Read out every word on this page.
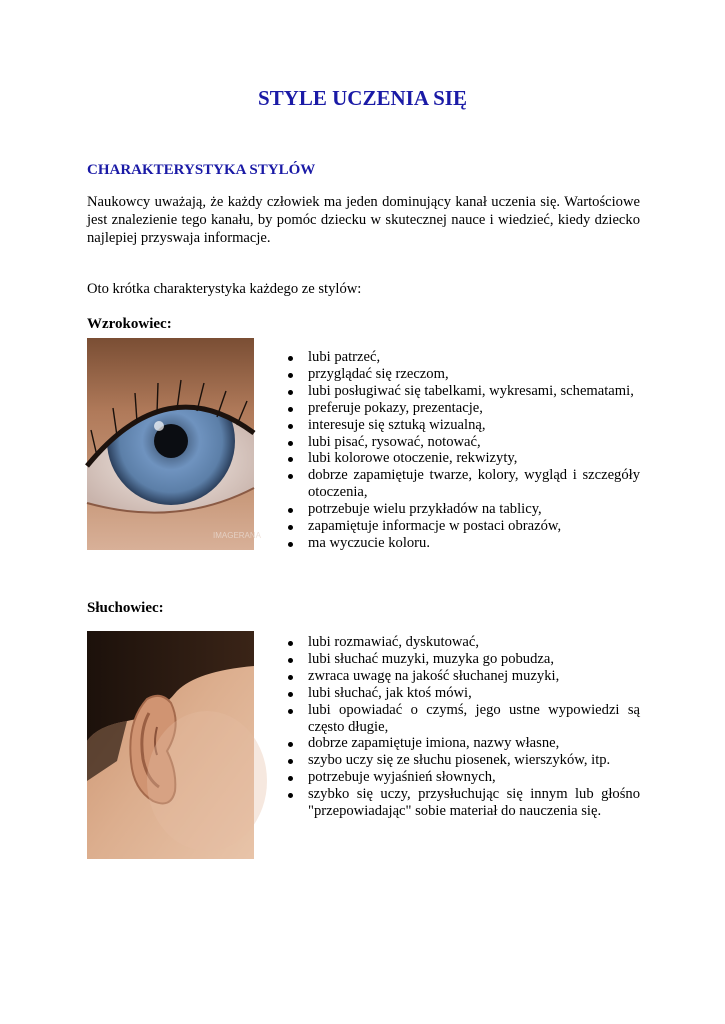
STYLE UCZENIA SIĘ
CHARAKTERYSTYKA STYLÓW

Naukowcy uważają, że każdy człowiek ma jeden dominujący kanał uczenia się. Wartościowe jest znalezienie tego kanału, by pomóc dziecku w skutecznej nauce i wiedzieć, kiedy dziecko najlepiej przyswaja informacje.

Oto krótka charakterystyka każdego ze stylów:

Wzrokowiec:

IMAGERANA
lubi patrzeć,
przyglądać się rzeczom,
lubi posługiwać się tabelkami, wykresami, schematami,
preferuje pokazy, prezentacje,
interesuje się sztuką wizualną,
lubi pisać, rysować, notować,
lubi kolorowe otoczenie, rekwizyty,
dobrze zapamiętuje twarze, kolory, wygląd i szczegóły otoczenia,
potrzebuje wielu przykładów na tablicy,
zapamiętuje informacje w postaci obrazów,
ma wyczucie koloru.

Słuchowiec:

lubi rozmawiać, dyskutować,
lubi słuchać muzyki, muzyka go pobudza,
zwraca uwagę na jakość słuchanej muzyki,
lubi słuchać, jak ktoś mówi,
lubi opowiadać o czymś, jego ustne wypowiedzi są często długie,
dobrze zapamiętuje imiona, nazwy własne,
szybo uczy się ze słuchu piosenek, wierszyków, itp.
potrzebuje wyjaśnień słownych,
szybko się uczy, przysłuchując się innym lub głośno "przepowiadając" sobie materiał do nauczenia się.
